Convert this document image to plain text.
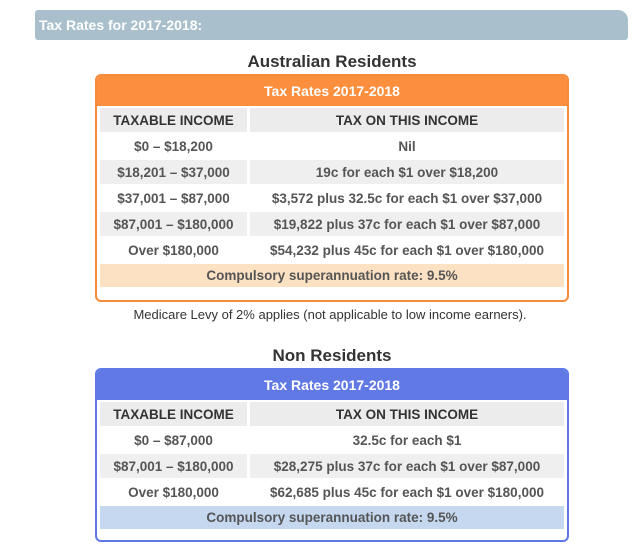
Tax Rates for 2017-2018:
Australian Residents
Tax Rates 2017-2018
TAXABLE INCOME	TAX ON THIS INCOME
$0 – $18,200	Nil
$18,201 – $37,000	19c for each $1 over $18,200
$37,001 – $87,000	$3,572 plus 32.5c for each $1 over $37,000
$87,001 – $180,000	$19,822 plus 37c for each $1 over $87,000
Over $180,000	$54,232 plus 45c for each $1 over $180,000
Compulsory superannuation rate: 9.5%
Medicare Levy of 2% applies (not applicable to low income earners).
Non Residents
Tax Rates 2017-2018
TAXABLE INCOME	TAX ON THIS INCOME
$0 – $87,000	32.5c for each $1
$87,001 – $180,000	$28,275 plus 37c for each $1 over $87,000
Over $180,000	$62,685 plus 45c for each $1 over $180,000
Compulsory superannuation rate: 9.5%
